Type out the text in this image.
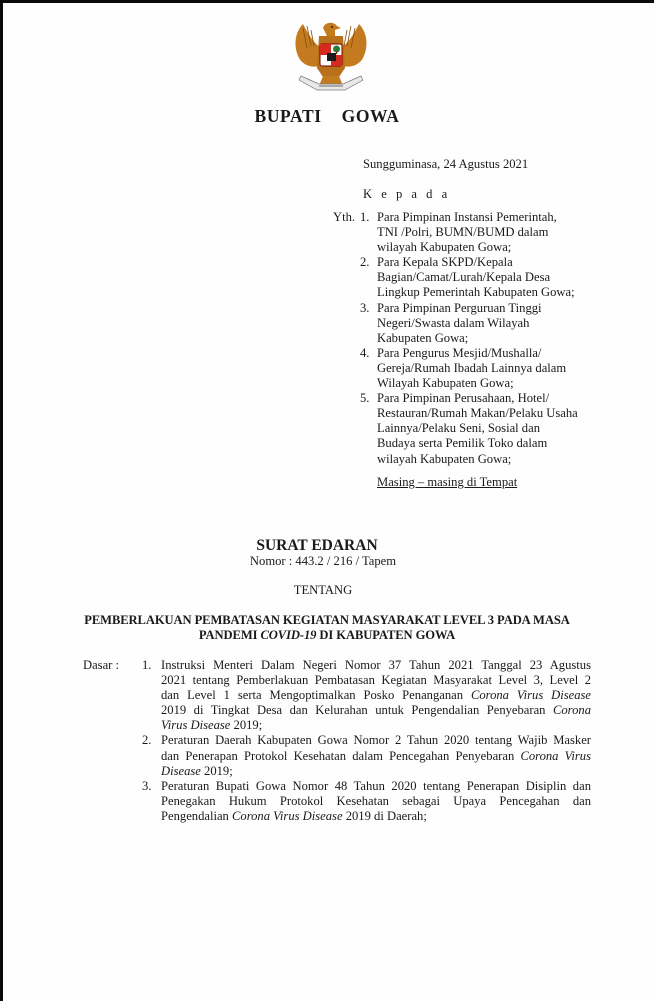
BUPATI  GOWA
Sungguminasa, 24 Agustus 2021
K e p a d a
Yth. 1. Para Pimpinan Instansi Pemerintah,
TNI /Polri, BUMN/BUMD dalam
wilayah Kabupaten Gowa;
2. Para Kepala SKPD/Kepala
Bagian/Camat/Lurah/Kepala Desa
Lingkup Pemerintah Kabupaten Gowa;
3. Para Pimpinan Perguruan Tinggi
Negeri/Swasta dalam Wilayah
Kabupaten Gowa;
4. Para Pengurus Mesjid/Mushalla/
Gereja/Rumah Ibadah Lainnya dalam
Wilayah Kabupaten Gowa;
5. Para Pimpinan Perusahaan, Hotel/
Restauran/Rumah Makan/Pelaku Usaha
Lainnya/Pelaku Seni, Sosial dan
Budaya serta Pemilik Toko dalam
wilayah Kabupaten Gowa;
Masing – masing di Tempat
SURAT EDARAN
Nomor : 443.2 / 216 / Tapem
TENTANG
PEMBERLAKUAN PEMBATASAN KEGIATAN MASYARAKAT LEVEL 3 PADA MASA
PANDEMI COVID-19 DI KABUPATEN GOWA
Dasar : 1. Instruksi Menteri Dalam Negeri Nomor 37 Tahun 2021 Tanggal 23 Agustus
2021 tentang Pemberlakuan Pembatasan Kegiatan Masyarakat Level 3, Level 2
dan Level 1 serta Mengoptimalkan Posko Penanganan Corona Virus Disease
2019 di Tingkat Desa dan Kelurahan untuk Pengendalian Penyebaran Corona
Virus Disease 2019;
2. Peraturan Daerah Kabupaten Gowa Nomor 2 Tahun 2020 tentang Wajib Masker
dan Penerapan Protokol Kesehatan dalam Pencegahan Penyebaran Corona Virus
Disease 2019;
3. Peraturan Bupati Gowa Nomor 48 Tahun 2020 tentang Penerapan Disiplin dan
Penegakan Hukum Protokol Kesehatan sebagai Upaya Pencegahan dan
Pengendalian Corona Virus Disease 2019 di Daerah;
